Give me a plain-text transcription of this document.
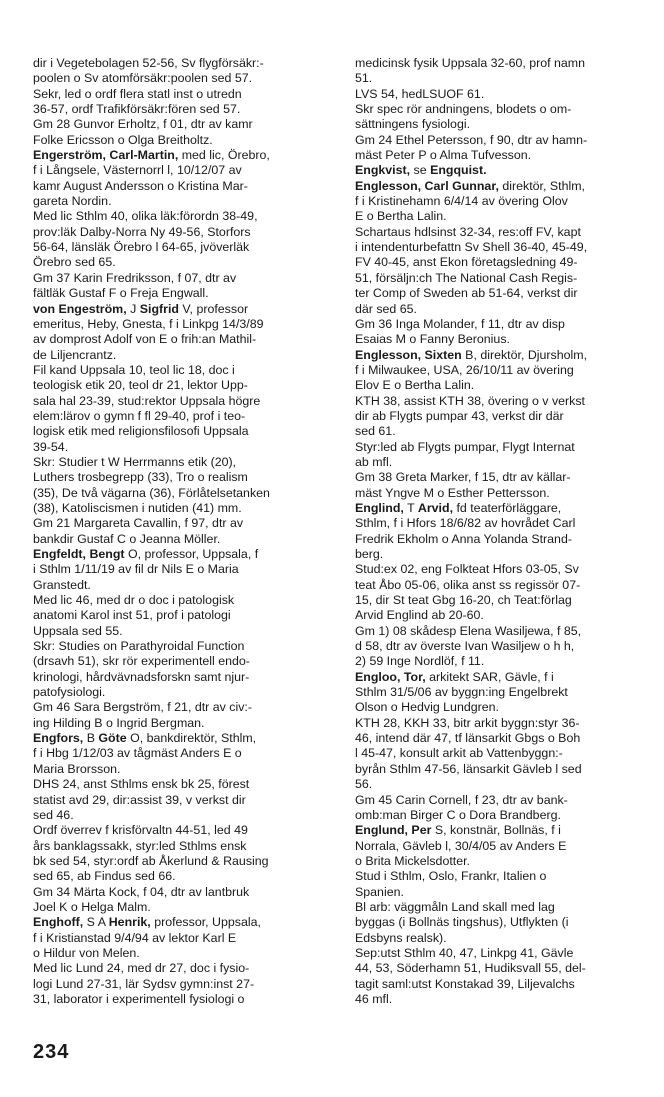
dir i Vegetebolagen 52-56, Sv flygförsäkr:-
poolen o Sv atomförsäkr:poolen sed 57.
Sekr, led o ordf flera statl inst o utredn
36-57, ordf Trafikförsäkr:fören sed 57.
Gm 28 Gunvor Erholtz, f 01, dtr av kamr
Folke Ericsson o Olga Breitholtz.
Engerström, Carl-Martin, med lic, Örebro,
f i Långsele, Västernorrl l, 10/12/07 av
kamr August Andersson o Kristina Mar-
gareta Nordin.
Med lic Sthlm 40, olika läk:förordn 38-49,
prov:läk Dalby-Norra Ny 49-56, Storfors
56-64, länsläk Örebro l 64-65, jvöverläk
Örebro sed 65.
Gm 37 Karin Fredriksson, f 07, dtr av
fältläk Gustaf F o Freja Engwall.
von Engeström, J Sigfrid V, professor
emeritus, Heby, Gnesta, f i Linkpg 14/3/89
av domprost Adolf von E o frih:an Mathil-
de Liljencrantz.
Fil kand Uppsala 10, teol lic 18, doc i
teologisk etik 20, teol dr 21, lektor Upp-
sala hal 23-39, stud:rektor Uppsala högre
elem:lärov o gymn f fl 29-40, prof i teo-
logisk etik med religionsfilosofi Uppsala
39-54.
Skr: Studier t W Herrmanns etik (20),
Luthers trosbegrepp (33), Tro o realism
(35), De två vägarna (36), Förlåtelsetanken
(38), Katoliscismen i nutiden (41) mm.
Gm 21 Margareta Cavallin, f 97, dtr av
bankdir Gustaf C o Jeanna Möller.
Engfeldt, Bengt O, professor, Uppsala, f
i Sthlm 1/11/19 av fil dr Nils E o Maria
Granstedt.
Med lic 46, med dr o doc i patologisk
anatomi Karol inst 51, prof i patologi
Uppsala sed 55.
Skr: Studies on Parathyroidal Function
(drsavh 51), skr rör experimentell endo-
krinologi, hårdvävnadsforskn samt njur-
patofysiologi.
Gm 46 Sara Bergström, f 21, dtr av civ:-
ing Hilding B o Ingrid Bergman.
Engfors, B Göte O, bankdirektör, Sthlm,
f i Hbg 1/12/03 av tågmäst Anders E o
Maria Brorsson.
DHS 24, anst Sthlms ensk bk 25, förest
statist avd 29, dir:assist 39, v verkst dir
sed 46.
Ordf överrev f krisförvaltn 44-51, led 49
års banklagssakk, styr:led Sthlms ensk
bk sed 54, styr:ordf ab Åkerlund & Rausing
sed 65, ab Findus sed 66.
Gm 34 Märta Kock, f 04, dtr av lantbruk
Joel K o Helga Malm.
Enghoff, S A Henrik, professor, Uppsala,
f i Kristianstad 9/4/94 av lektor Karl E
o Hildur von Melen.
Med lic Lund 24, med dr 27, doc i fysio-
logi Lund 27-31, lär Sydsv gymn:inst 27-
31, laborator i experimentell fysiologi o
medicinsk fysik Uppsala 32-60, prof namn
51.
LVS 54, hedLSUOF 61.
Skr spec rör andningens, blodets o om-
sättningens fysiologi.
Gm 24 Ethel Petersson, f 90, dtr av hamn-
mäst Peter P o Alma Tufvesson.
Engkvist, se Engquist.
Englesson, Carl Gunnar, direktör, Sthlm,
f i Kristinehamn 6/4/14 av övering Olov
E o Bertha Lalin.
Schartaus hdlsinst 32-34, res:off FV, kapt
i intendenturbefattn Sv Shell 36-40, 45-49,
FV 40-45, anst Ekon företagsledning 49-
51, försäljn:ch The National Cash Regis-
ter Comp of Sweden ab 51-64, verkst dir
där sed 65.
Gm 36 Inga Molander, f 11, dtr av disp
Esaias M o Fanny Beronius.
Englesson, Sixten B, direktör, Djursholm,
f i Milwaukee, USA, 26/10/11 av övering
Elov E o Bertha Lalin.
KTH 38, assist KTH 38, övering o v verkst
dir ab Flygts pumpar 43, verkst dir där
sed 61.
Styr:led ab Flygts pumpar, Flygt Internat
ab mfl.
Gm 38 Greta Marker, f 15, dtr av källar-
mäst Yngve M o Esther Pettersson.
Englind, T Arvid, fd teaterförläggare,
Sthlm, f i Hfors 18/6/82 av hovrådet Carl
Fredrik Ekholm o Anna Yolanda Strand-
berg.
Stud:ex 02, eng Folkteat Hfors 03-05, Sv
teat Åbo 05-06, olika anst ss regissör 07-
15, dir St teat Gbg 16-20, ch Teat:förlag
Arvid Englind ab 20-60.
Gm 1) 08 skådesp Elena Wasiljewa, f 85,
d 58, dtr av överste Ivan Wasiljew o h h,
2) 59 Inge Nordlöf, f 11.
Engloo, Tor, arkitekt SAR, Gävle, f i
Sthlm 31/5/06 av byggn:ing Engelbrekt
Olson o Hedvig Lundgren.
KTH 28, KKH 33, bitr arkit byggn:styr 36-
46, intend där 47, tf länsarkit Gbgs o Boh
l 45-47, konsult arkit ab Vattenbyggn:-
byrån Sthlm 47-56, länsarkit Gävleb l sed
56.
Gm 45 Carin Cornell, f 23, dtr av bank-
omb:man Birger C o Dora Brandberg.
Englund, Per S, konstnär, Bollnäs, f i
Norrala, Gävleb l, 30/4/05 av Anders E
o Brita Mickelsdotter.
Stud i Sthlm, Oslo, Frankr, Italien o
Spanien.
Bl arb: väggmåln Land skall med lag
byggas (i Bollnäs tingshus), Utflykten (i
Edsbyns realsk).
Sep:utst Sthlm 40, 47, Linkpg 41, Gävle
44, 53, Söderhamn 51, Hudiksvall 55, del-
tagit saml:utst Konstakad 39, Liljevalchs
46 mfl.
234
